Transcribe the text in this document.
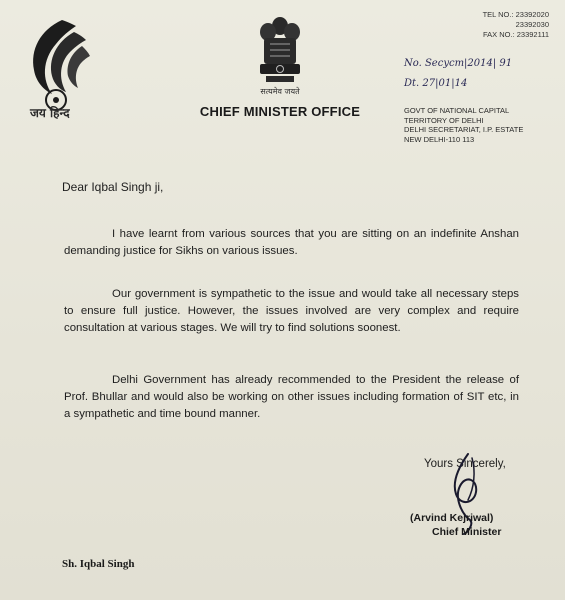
जय हिन्द
सत्यमेव जयते
CHIEF MINISTER OFFICE
TEL NO.: 23392020
23392030
FAX NO.: 23392111
No. Secycm|2014| 91
Dt. 27|01|14
GOVT OF NATIONAL CAPITAL
TERRITORY OF DELHI
DELHI SECRETARIAT, I.P. ESTATE
NEW DELHI-110 113
Dear Iqbal Singh ji,

I have learnt from various sources that you are sitting on an indefinite Anshan demanding justice for Sikhs on various issues.

Our government is sympathetic to the issue and would take all necessary steps to ensure full justice. However, the issues involved are very complex and require consultation at various stages. We will try to find solutions soonest.

Delhi Government has already recommended to the President the release of Prof. Bhullar and would also be working on other issues including formation of SIT etc, in a sympathetic and time bound manner.

Yours Sincerely,
(Arvind Kejriwal)
Chief Minister
Sh. Iqbal Singh
